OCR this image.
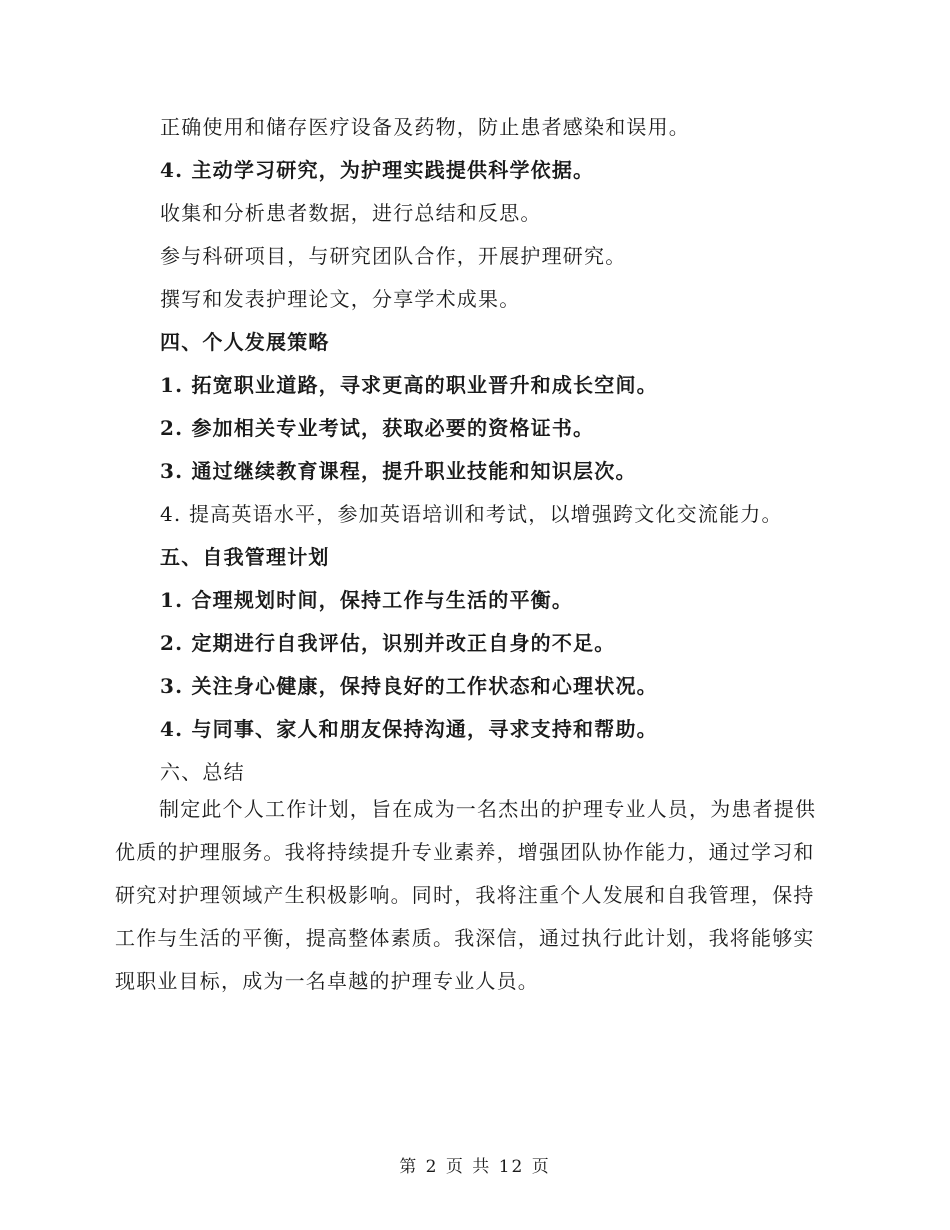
正确使用和储存医疗设备及药物，防止患者感染和误用。
4. 主动学习研究，为护理实践提供科学依据。
收集和分析患者数据，进行总结和反思。
参与科研项目，与研究团队合作，开展护理研究。
撰写和发表护理论文，分享学术成果。
四、个人发展策略
1. 拓宽职业道路，寻求更高的职业晋升和成长空间。
2. 参加相关专业考试，获取必要的资格证书。
3. 通过继续教育课程，提升职业技能和知识层次。
4. 提高英语水平，参加英语培训和考试，以增强跨文化交流能力。
五、自我管理计划
1. 合理规划时间，保持工作与生活的平衡。
2. 定期进行自我评估，识别并改正自身的不足。
3. 关注身心健康，保持良好的工作状态和心理状况。
4. 与同事、家人和朋友保持沟通，寻求支持和帮助。
六、总结

制定此个人工作计划，旨在成为一名杰出的护理专业人员，为患者提供优质的护理服务。我将持续提升专业素养，增强团队协作能力，通过学习和研究对护理领域产生积极影响。同时，我将注重个人发展和自我管理，保持工作与生活的平衡，提高整体素质。我深信，通过执行此计划，我将能够实现职业目标，成为一名卓越的护理专业人员。

第 2 页 共 12 页
